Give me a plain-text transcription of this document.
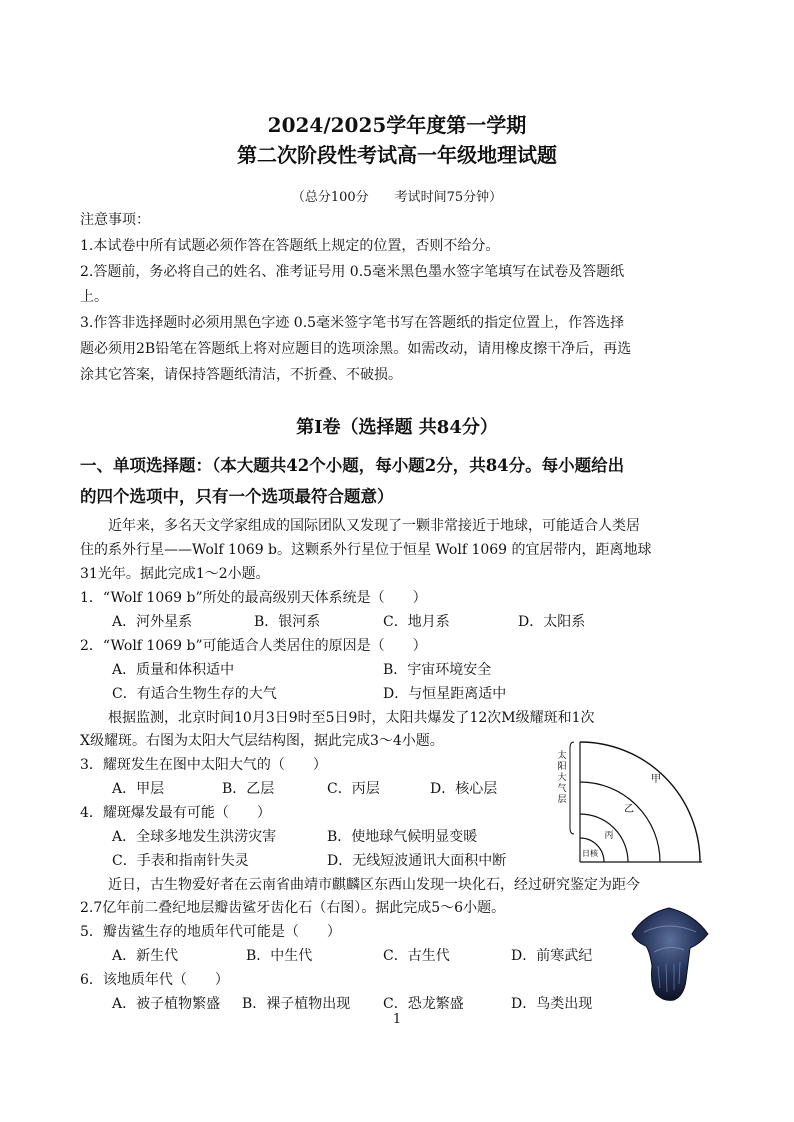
2024/2025学年度第一学期
第二次阶段性考试高一年级地理试题
（总分100分　　考试时间75分钟）
注意事项：
1.本试卷中所有试题必须作答在答题纸上规定的位置，否则不给分。
2.答题前，务必将自己的姓名、准考证号用 0.5毫米黑色墨水签字笔填写在试卷及答题纸
上。
3.作答非选择题时必须用黑色字迹 0.5毫米签字笔书写在答题纸的指定位置上，作答选择
题必须用2B铅笔在答题纸上将对应题目的选项涂黑。如需改动，请用橡皮擦干净后，再选
涂其它答案，请保持答题纸清洁，不折叠、不破损。
第Ⅰ卷（选择题 共84分）
一、单项选择题：（本大题共42个小题，每小题2分，共84分。每小题给出
的四个选项中，只有一个选项最符合题意）
近年来，多名天文学家组成的国际团队又发现了一颗非常接近于地球，可能适合人类居
住的系外行星——Wolf 1069 b。这颗系外行星位于恒星 Wolf 1069 的宜居带内，距离地球
31光年。据此完成1～2小题。
1．“Wolf 1069 b”所处的最高级别天体系统是（　　）
A．河外星系	B．银河系	C．地月系	D．太阳系
2．“Wolf 1069 b”可能适合人类居住的原因是（　　）
A．质量和体积适中	B．宇宙环境安全
C．有适合生物生存的大气	D．与恒星距离适中
根据监测，北京时间10月3日9时至5日9时，太阳共爆发了12次M级耀斑和1次
X级耀斑。右图为太阳大气层结构图，据此完成3～4小题。
3．耀斑发生在图中太阳大气的（　　）
A．甲层	B．乙层	C．丙层	D．核心层
4．耀斑爆发最有可能（　　）
A．全球多地发生洪涝灾害	B．使地球气候明显变暖
C．手表和指南针失灵	D．无线短波通讯大面积中断
太
阳
大
气
层
甲
乙
丙
日核
近日，古生物爱好者在云南省曲靖市麒麟区东西山发现一块化石，经过研究鉴定为距今
2.7亿年前二叠纪地层瓣齿鲨牙齿化石（右图）。据此完成5～6小题。
5．瓣齿鲨生存的地质年代可能是（　　）
A．新生代	B．中生代	C．古生代	D．前寒武纪
6．该地质年代（　　）
A．被子植物繁盛 B．裸子植物出现 C．恐龙繁盛	D．鸟类出现
1
